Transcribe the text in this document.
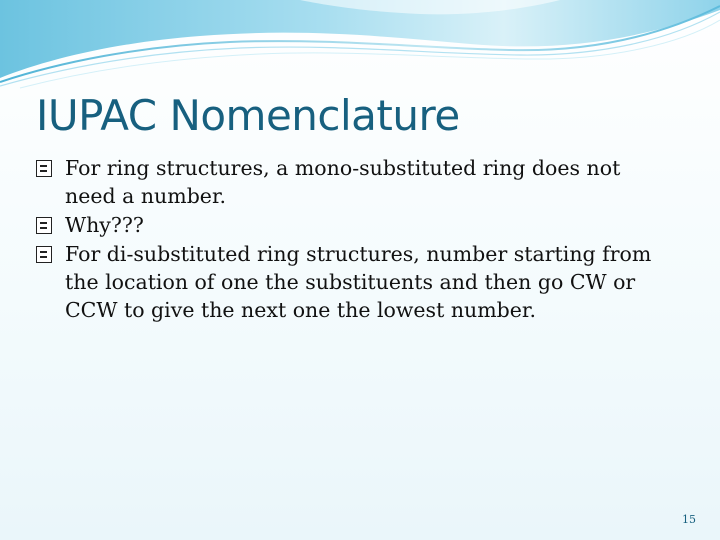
IUPAC Nomenclature
For ring structures, a mono-substituted ring does not need a number.
Why???
For di-substituted ring structures, number starting from the location of one the substituents and then go CW or CCW to give the next one the lowest number.
15
